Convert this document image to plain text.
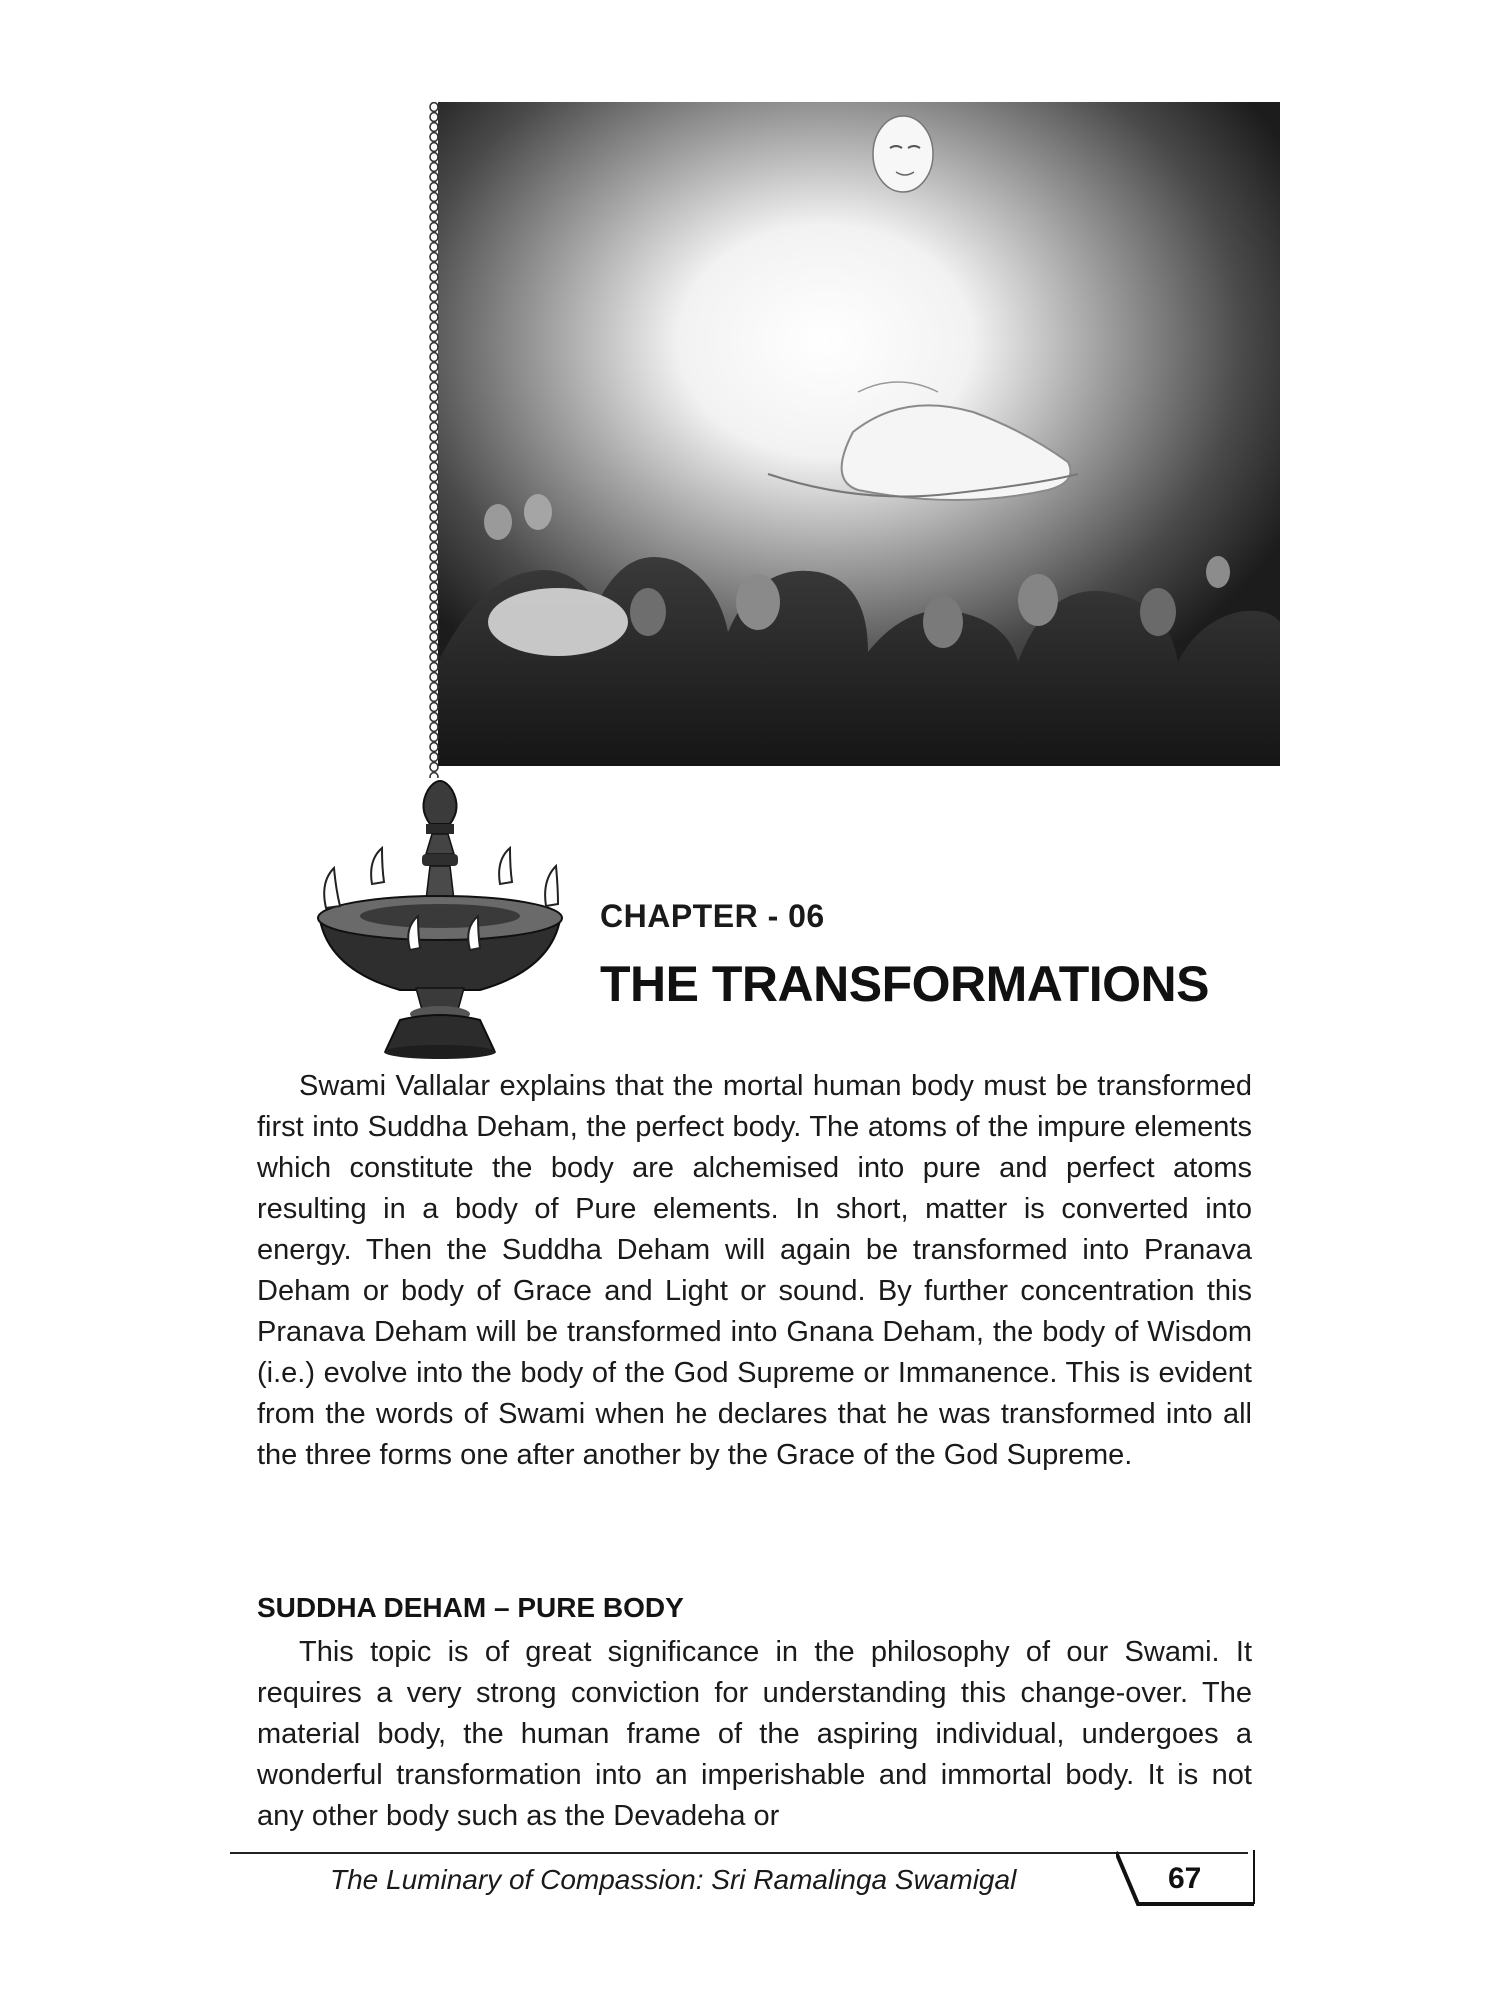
CHAPTER - 06
THE TRANSFORMATIONS

Swami Vallalar explains that the mortal human body must be transformed first into Suddha Deham, the perfect body. The atoms of the impure elements which constitute the body are alchemised into pure and perfect atoms resulting in a body of Pure elements. In short, matter is converted into energy. Then the Suddha Deham will again be transformed into Pranava Deham or body of Grace and Light or sound. By further concentration this Pranava Deham will be transformed into Gnana Deham, the body of Wisdom (i.e.) evolve into the body of the God Supreme or Immanence. This is evident from the words of Swami when he declares that he was transformed into all the three forms one after another by the Grace of the God Supreme.

SUDDHA DEHAM – PURE BODY

This topic is of great significance in the philosophy of our Swami. It requires a very strong conviction for understanding this change-over. The material body, the human frame of the aspiring individual, undergoes a wonderful transformation into an imperishable and immortal body. It is not any other body such as the Devadeha or

The Luminary of Compassion: Sri Ramalinga Swamigal	67
